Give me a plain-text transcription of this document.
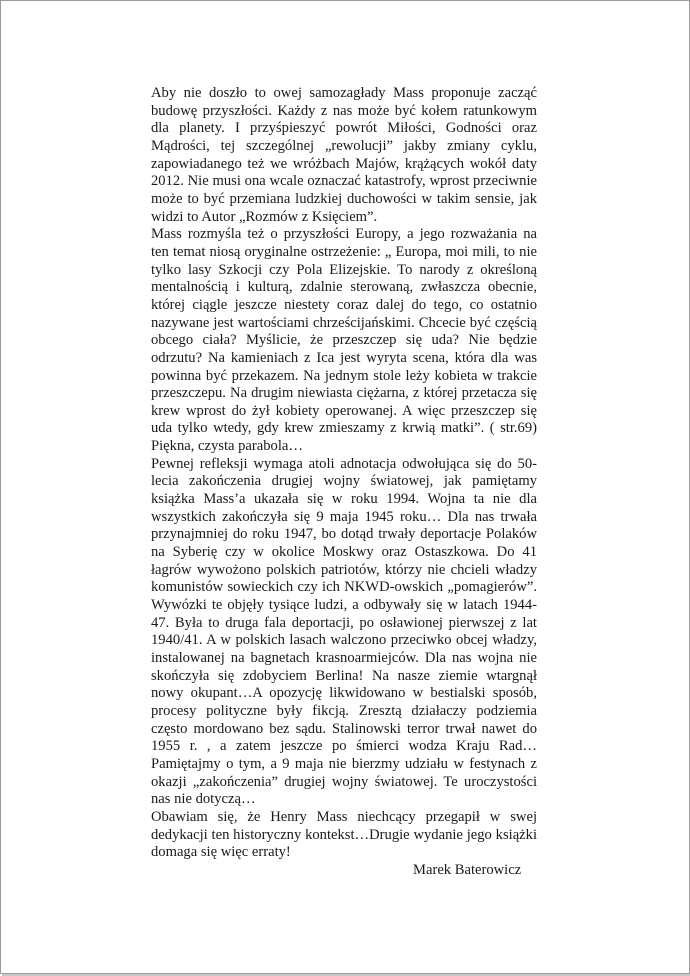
Aby nie doszło to owej samozagłady Mass proponuje zacząć budowę przyszłości. Każdy z nas może być kołem ratunkowym dla planety. I przyśpieszyć powrót Miłości, Godności oraz Mądrości, tej szczególnej „rewolucji” jakby zmiany cyklu, zapowiadanego też we wróżbach Majów, krążących wokół daty 2012. Nie musi ona wcale oznaczać katastrofy, wprost przeciwnie może to być przemiana ludzkiej duchowości w takim sensie, jak widzi to Autor „Rozmów z Księciem”.

Mass rozmyśla też o przyszłości Europy, a jego rozważania na ten temat niosą oryginalne ostrzeżenie: „ Europa, moi mili, to nie tylko lasy Szkocji czy Pola Elizejskie. To narody z określoną mentalnością i kulturą, zdalnie sterowaną, zwłaszcza obecnie, której ciągle jeszcze niestety coraz dalej do tego, co ostatnio nazywane jest wartościami chrześcijańskimi. Chcecie być częścią obcego ciała? Myślicie, że przeszczep się uda? Nie będzie odrzutu? Na kamieniach z Ica jest wyryta scena, która dla was powinna być przekazem. Na jednym stole leży kobieta w trakcie przeszczepu. Na drugim niewiasta ciężarna, z której przetacza się krew wprost do żył kobiety operowanej. A więc przeszczep się uda tylko wtedy, gdy krew zmieszamy z krwią matki”. ( str.69) Piękna, czysta parabola…

Pewnej refleksji wymaga atoli adnotacja odwołująca się do 50-lecia zakończenia drugiej wojny światowej, jak pamiętamy książka Mass’a ukazała się w roku 1994. Wojna ta nie dla wszystkich zakończyła się 9 maja 1945 roku… Dla nas trwała przynajmniej do roku 1947, bo dotąd trwały deportacje Polaków na Syberię czy w okolice Moskwy oraz Ostaszkowa. Do 41 łagrów wywożono polskich patriotów, którzy nie chcieli władzy komunistów sowieckich czy ich NKWD-owskich „pomagierów”. Wywózki te objęły tysiące ludzi, a odbywały się w latach 1944-47. Była to druga fala deportacji, po osławionej pierwszej z lat 1940/41. A w polskich lasach walczono przeciwko obcej władzy, instalowanej na bagnetach krasnoarmiejców. Dla nas wojna nie skończyła się zdobyciem Berlina! Na nasze ziemie wtargnął nowy okupant…A opozycję likwidowano w bestialski sposób, procesy polityczne były fikcją. Zresztą działaczy podziemia często mordowano bez sądu. Stalinowski terror trwał nawet do 1955 r. , a zatem jeszcze po śmierci wodza Kraju Rad… Pamiętajmy o tym, a 9 maja nie bierzmy udziału w festynach z okazji „zakończenia” drugiej wojny światowej. Te uroczystości nas nie dotyczą…

Obawiam się, że Henry Mass niechcący przegapił w swej dedykacji ten historyczny kontekst…Drugie wydanie jego książki domaga się więc erraty!

Marek Baterowicz
